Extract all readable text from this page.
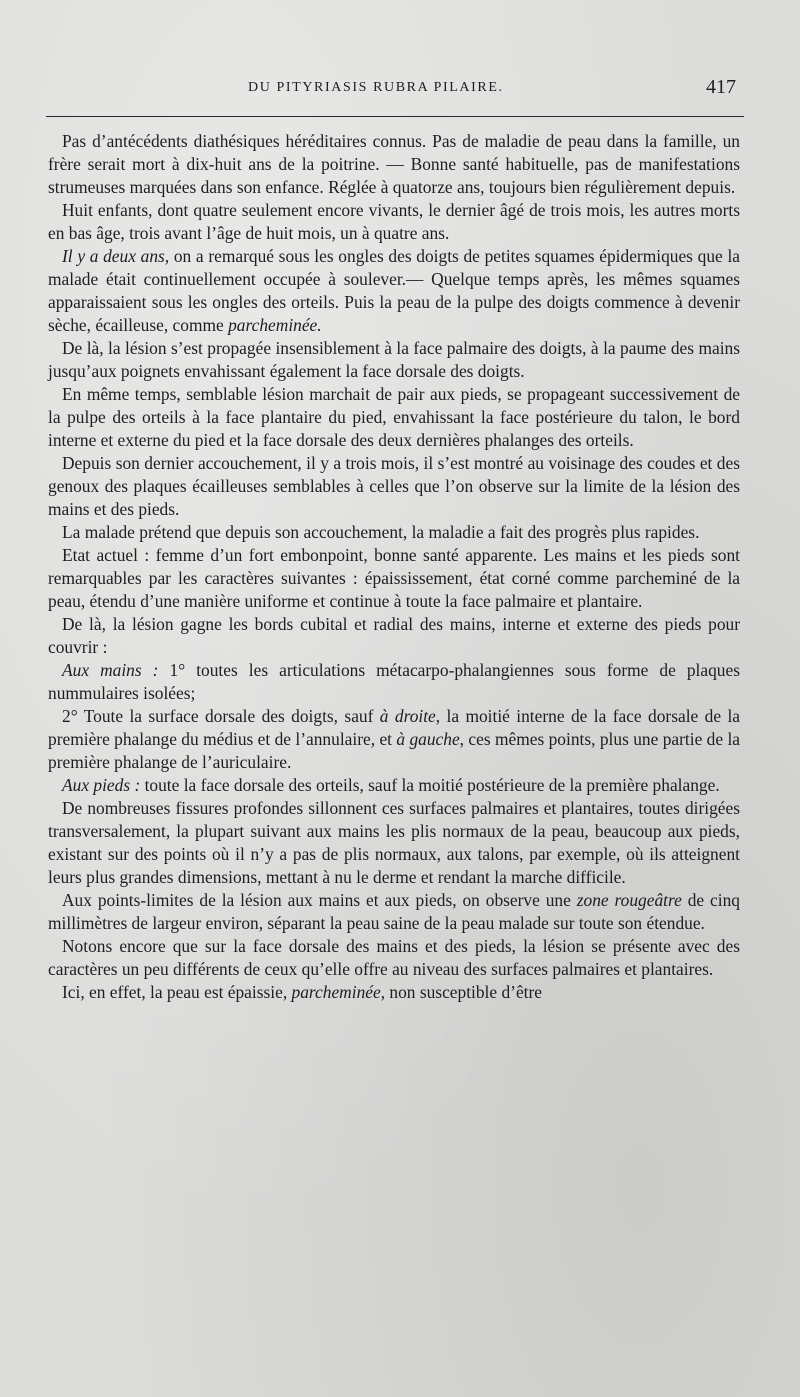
DU PITYRIASIS RUBRA PILAIRE.	417

Pas d’antécédents diathésiques héréditaires connus. Pas de maladie de peau dans la famille, un frère serait mort à dix-huit ans de la poitrine. — Bonne santé habituelle, pas de manifestations strumeuses marquées dans son enfance. Réglée à quatorze ans, toujours bien régulièrement depuis.

Huit enfants, dont quatre seulement encore vivants, le dernier âgé de trois mois, les autres morts en bas âge, trois avant l’âge de huit mois, un à quatre ans.

Il y a deux ans, on a remarqué sous les ongles des doigts de petites squames épidermiques que la malade était continuellement occupée à soulever.— Quelque temps après, les mêmes squames apparaissaient sous les ongles des orteils. Puis la peau de la pulpe des doigts commence à devenir sèche, écailleuse, comme parcheminée.

De là, la lésion s’est propagée insensiblement à la face palmaire des doigts, à la paume des mains jusqu’aux poignets envahissant également la face dorsale des doigts.

En même temps, semblable lésion marchait de pair aux pieds, se propageant successivement de la pulpe des orteils à la face plantaire du pied, envahissant la face postérieure du talon, le bord interne et externe du pied et la face dorsale des deux dernières phalanges des orteils.

Depuis son dernier accouchement, il y a trois mois, il s’est montré au voisinage des coudes et des genoux des plaques écailleuses semblables à celles que l’on observe sur la limite de la lésion des mains et des pieds.

La malade prétend que depuis son accouchement, la maladie a fait des progrès plus rapides.

Etat actuel : femme d’un fort embonpoint, bonne santé apparente. Les mains et les pieds sont remarquables par les caractères suivantes : épaississement, état corné comme parcheminé de la peau, étendu d’une manière uniforme et continue à toute la face palmaire et plantaire.

De là, la lésion gagne les bords cubital et radial des mains, interne et externe des pieds pour couvrir :

Aux mains : 1° toutes les articulations métacarpo-phalangiennes sous forme de plaques nummulaires isolées;

2° Toute la surface dorsale des doigts, sauf à droite, la moitié interne de la face dorsale de la première phalange du médius et de l’annulaire, et à gauche, ces mêmes points, plus une partie de la première phalange de l’auriculaire.

Aux pieds : toute la face dorsale des orteils, sauf la moitié postérieure de la première phalange.

De nombreuses fissures profondes sillonnent ces surfaces palmaires et plantaires, toutes dirigées transversalement, la plupart suivant aux mains les plis normaux de la peau, beaucoup aux pieds, existant sur des points où il n’y a pas de plis normaux, aux talons, par exemple, où ils atteignent leurs plus grandes dimensions, mettant à nu le derme et rendant la marche difficile.

Aux points-limites de la lésion aux mains et aux pieds, on observe une zone rougeâtre de cinq millimètres de largeur environ, séparant la peau saine de la peau malade sur toute son étendue.

Notons encore que sur la face dorsale des mains et des pieds, la lésion se présente avec des caractères un peu différents de ceux qu’elle offre au niveau des surfaces palmaires et plantaires.

Ici, en effet, la peau est épaissie, parcheminée, non susceptible d’être
